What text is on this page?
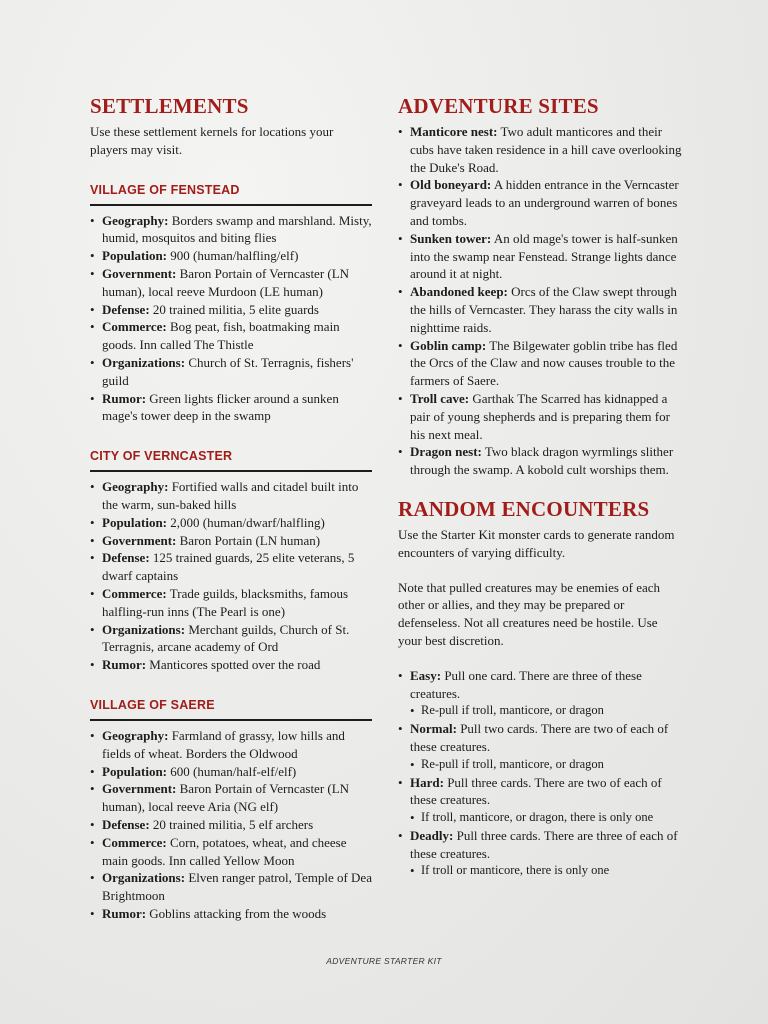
SETTLEMENTS

Use these settlement kernels for locations your players may visit.

VILLAGE OF FENSTEAD
• Geography: Borders swamp and marshland. Misty, humid, mosquitos and biting flies
• Population: 900 (human/halfling/elf)
• Government: Baron Portain of Verncaster (LN human), local reeve Murdoon (LE human)
• Defense: 20 trained militia, 5 elite guards
• Commerce: Bog peat, fish, boatmaking main goods. Inn called The Thistle
• Organizations: Church of St. Terragnis, fishers' guild
• Rumor: Green lights flicker around a sunken mage's tower deep in the swamp
CITY OF VERNCASTER
• Geography: Fortified walls and citadel built into the warm, sun-baked hills
• Population: 2,000 (human/dwarf/halfling)
• Government: Baron Portain (LN human)
• Defense: 125 trained guards, 25 elite veterans, 5 dwarf captains
• Commerce: Trade guilds, blacksmiths, famous halfling-run inns (The Pearl is one)
• Organizations: Merchant guilds, Church of St. Terragnis, arcane academy of Ord
• Rumor: Manticores spotted over the road
VILLAGE OF SAERE
• Geography: Farmland of grassy, low hills and fields of wheat. Borders the Oldwood
• Population: 600 (human/half-elf/elf)
• Government: Baron Portain of Verncaster (LN human), local reeve Aria (NG elf)
• Defense: 20 trained militia, 5 elf archers
• Commerce: Corn, potatoes, wheat, and cheese main goods. Inn called Yellow Moon
• Organizations: Elven ranger patrol, Temple of Dea Brightmoon
• Rumor: Goblins attacking from the woods
ADVENTURE SITES
• Manticore nest: Two adult manticores and their cubs have taken residence in a hill cave overlooking the Duke's Road.
• Old boneyard: A hidden entrance in the Verncaster graveyard leads to an underground warren of bones and tombs.
• Sunken tower: An old mage's tower is half-sunken into the swamp near Fenstead. Strange lights dance around it at night.
• Abandoned keep: Orcs of the Claw swept through the hills of Verncaster. They harass the city walls in nighttime raids.
• Goblin camp: The Bilgewater goblin tribe has fled the Orcs of the Claw and now causes trouble to the farmers of Saere.
• Troll cave: Garthak The Scarred has kidnapped a pair of young shepherds and is preparing them for his next meal.
• Dragon nest: Two black dragon wyrmlings slither through the swamp. A kobold cult worships them.
RANDOM ENCOUNTERS

Use the Starter Kit monster cards to generate random encounters of varying difficulty.

Note that pulled creatures may be enemies of each other or allies, and they may be prepared or defenseless. Not all creatures need be hostile. Use your best discretion.

• Easy: Pull one card. There are three of these creatures.
• Re-pull if troll, manticore, or dragon
• Normal: Pull two cards. There are two of each of these creatures.
• Re-pull if troll, manticore, or dragon
• Hard: Pull three cards. There are two of each of these creatures.
• If troll, manticore, or dragon, there is only one
• Deadly: Pull three cards. There are three of each of these creatures.
• If troll or manticore, there is only one
ADVENTURE STARTER KIT
